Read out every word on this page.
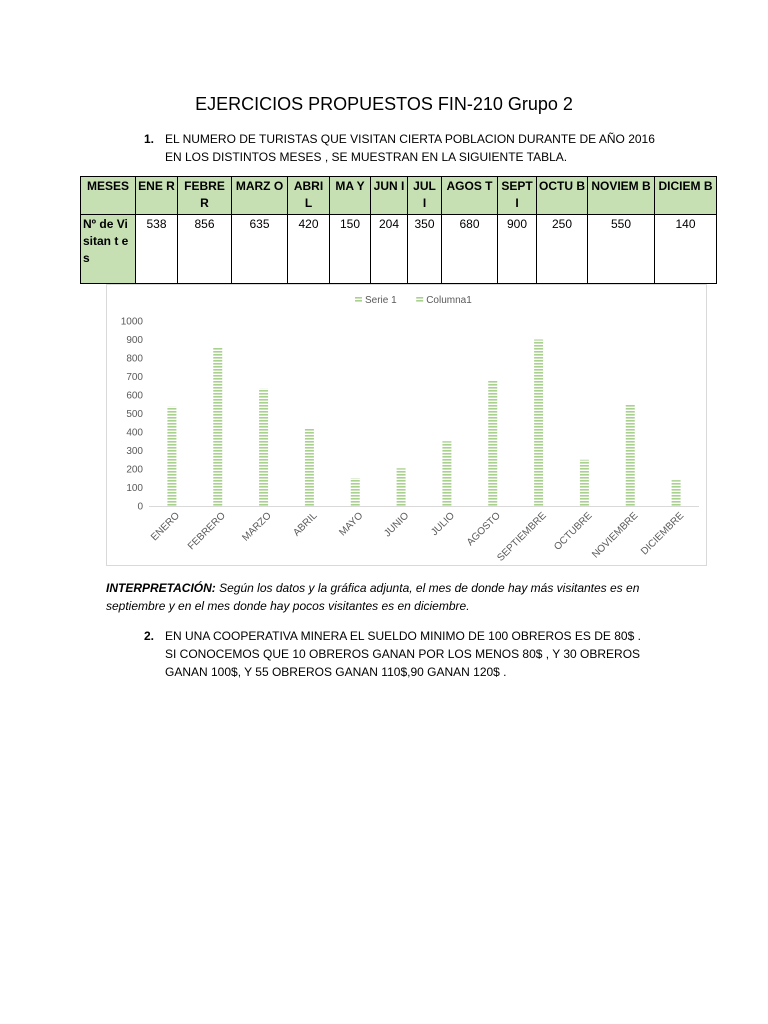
EJERCICIOS PROPUESTOS FIN-210 Grupo 2
1. EL NUMERO DE TURISTAS QUE VISITAN CIERTA POBLACION DURANTE DE AÑO 2016 EN LOS DISTINTOS MESES , SE MUESTRAN EN LA SIGUIENTE TABLA.
MESES	ENE R	FEBRE R	MARZ O	ABRI L	MA Y	JUN I	JUL I	AGOS T	SEPT I	OCTU B	NOVIEM B	DICIEM B
Nº de Visitan t es	538	856	635	420	150	204	350	680	900	250	550	140
Serie 1	Columna1
0
100
200
300
400
500
600
700
800
900
1000
ENERO FEBRERO MARZO ABRIL MAYO JUNIO JULIO AGOSTO
SEPTIEMBRE OCTUBRE
NOVIEMBRE
DICIEMBRE
INTERPRETACIÓN: Según los datos y la gráfica adjunta, el mes de donde hay más visitantes es en septiembre y en el mes donde hay pocos visitantes es en diciembre.
2. EN UNA COOPERATIVA MINERA EL SUELDO MINIMO DE 100 OBREROS ES DE 80$ . SI CONOCEMOS QUE 10 OBREROS GANAN POR LOS MENOS 80$ , Y 30 OBREROS GANAN 100$, Y 55 OBREROS GANAN 110$,90 GANAN 120$ .
